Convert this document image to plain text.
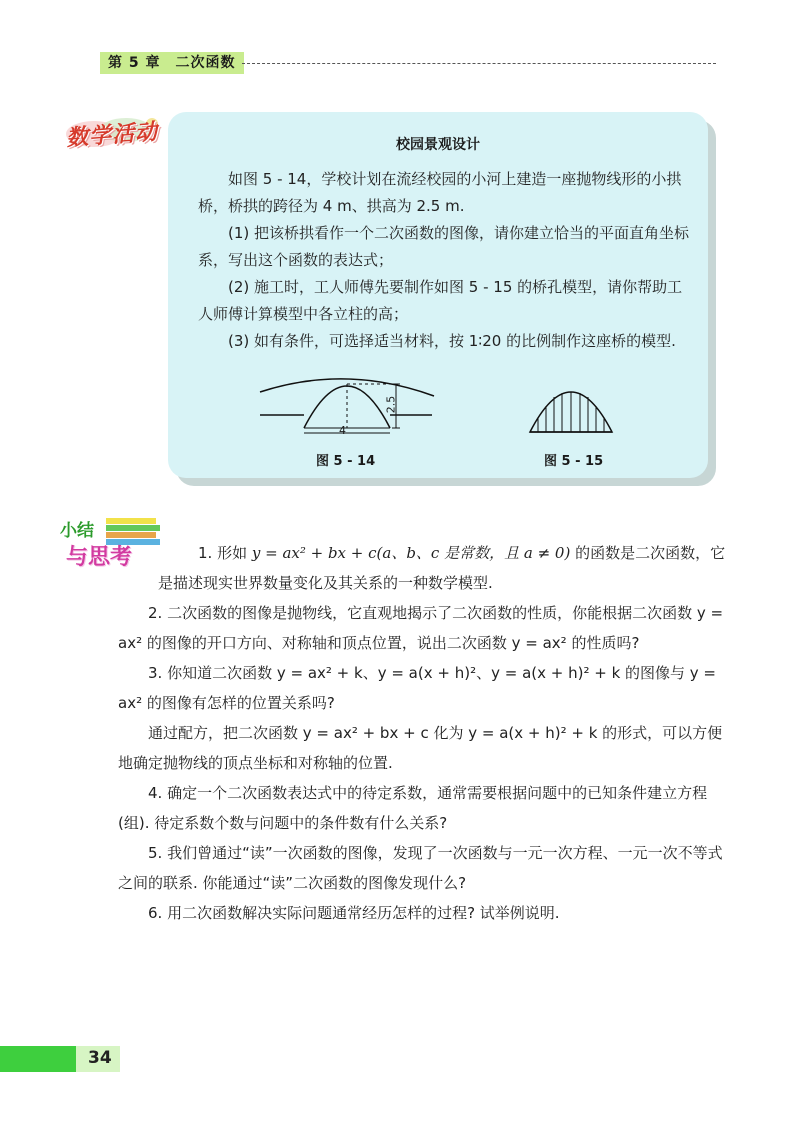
第 5 章　二次函数
数学活动	校园景观设计

如图 5 - 14，学校计划在流经校园的小河上建造一座抛物线形的小拱桥，桥拱的跨径为 4 m、拱高为 2.5 m.

(1) 把该桥拱看作一个二次函数的图像，请你建立恰当的平面直角坐标系，写出这个函数的表达式；

(2) 施工时，工人师傅先要制作如图 5 - 15 的桥孔模型，请你帮助工人师傅计算模型中各立柱的高；

(3) 如有条件，可选择适当材料，按 1∶20 的比例制作这座桥的模型.

4
2.5
图 5 - 14	图 5 - 15
小结
与思考	1. 形如 y = ax² + bx + c(a、b、c 是常数，且 a ≠ 0) 的函数是二次函数，它是描述现实世界数量变化及其关系的一种数学模型.

2. 二次函数的图像是抛物线，它直观地揭示了二次函数的性质，你能根据二次函数 y = ax² 的图像的开口方向、对称轴和顶点位置，说出二次函数 y = ax² 的性质吗?

3. 你知道二次函数 y = ax² + k、y = a(x + h)²、y = a(x + h)² + k 的图像与 y = ax² 的图像有怎样的位置关系吗?

通过配方，把二次函数 y = ax² + bx + c 化为 y = a(x + h)² + k 的形式，可以方便地确定抛物线的顶点坐标和对称轴的位置.

4. 确定一个二次函数表达式中的待定系数，通常需要根据问题中的已知条件建立方程(组). 待定系数个数与问题中的条件数有什么关系?

5. 我们曾通过“读”一次函数的图像，发现了一次函数与一元一次方程、一元一次不等式之间的联系. 你能通过“读”二次函数的图像发现什么?

6. 用二次函数解决实际问题通常经历怎样的过程? 试举例说明.

34
